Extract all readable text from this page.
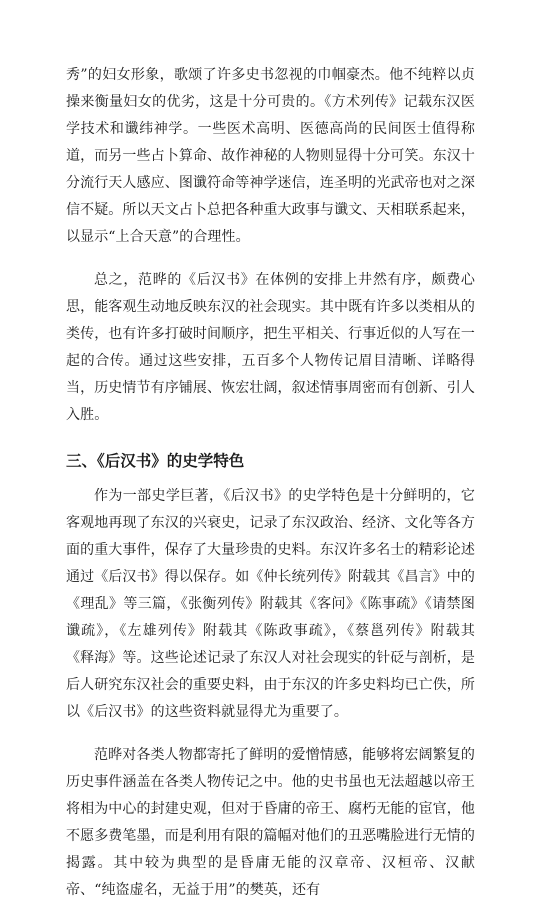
秀”的妇女形象，歌颂了许多史书忽视的巾帼豪杰。他不纯粹以贞操来衡量妇女的优劣，这是十分可贵的。《方术列传》记载东汉医学技术和谶纬神学。一些医术高明、医德高尚的民间医士值得称道，而另一些占卜算命、故作神秘的人物则显得十分可笑。东汉十分流行天人感应、图谶符命等神学迷信，连圣明的光武帝也对之深信不疑。所以天文占卜总把各种重大政事与谶文、天相联系起来，以显示“上合天意”的合理性。

总之，范晔的《后汉书》在体例的安排上井然有序，颇费心思，能客观生动地反映东汉的社会现实。其中既有许多以类相从的类传，也有许多打破时间顺序，把生平相关、行事近似的人写在一起的合传。通过这些安排，五百多个人物传记眉目清晰、详略得当，历史情节有序铺展、恢宏壮阔，叙述情事周密而有创新、引人入胜。

三、《后汉书》的史学特色

作为一部史学巨著，《后汉书》的史学特色是十分鲜明的，它客观地再现了东汉的兴衰史，记录了东汉政治、经济、文化等各方面的重大事件，保存了大量珍贵的史料。东汉许多名士的精彩论述通过《后汉书》得以保存。如《仲长统列传》附载其《昌言》中的《理乱》等三篇，《张衡列传》附载其《客问》《陈事疏》《请禁图谶疏》，《左雄列传》附载其《陈政事疏》，《蔡邕列传》附载其《释海》等。这些论述记录了东汉人对社会现实的针砭与剖析，是后人研究东汉社会的重要史料，由于东汉的许多史料均已亡佚，所以《后汉书》的这些资料就显得尤为重要了。

范晔对各类人物都寄托了鲜明的爱憎情感，能够将宏阔繁复的历史事件涵盖在各类人物传记之中。他的史书虽也无法超越以帝王将相为中心的封建史观，但对于昏庸的帝王、腐朽无能的宦官，他不愿多费笔墨，而是利用有限的篇幅对他们的丑恶嘴脸进行无情的揭露。其中较为典型的是昏庸无能的汉章帝、汉桓帝、汉献帝、“纯盗虚名，无益于用”的樊英，还有
